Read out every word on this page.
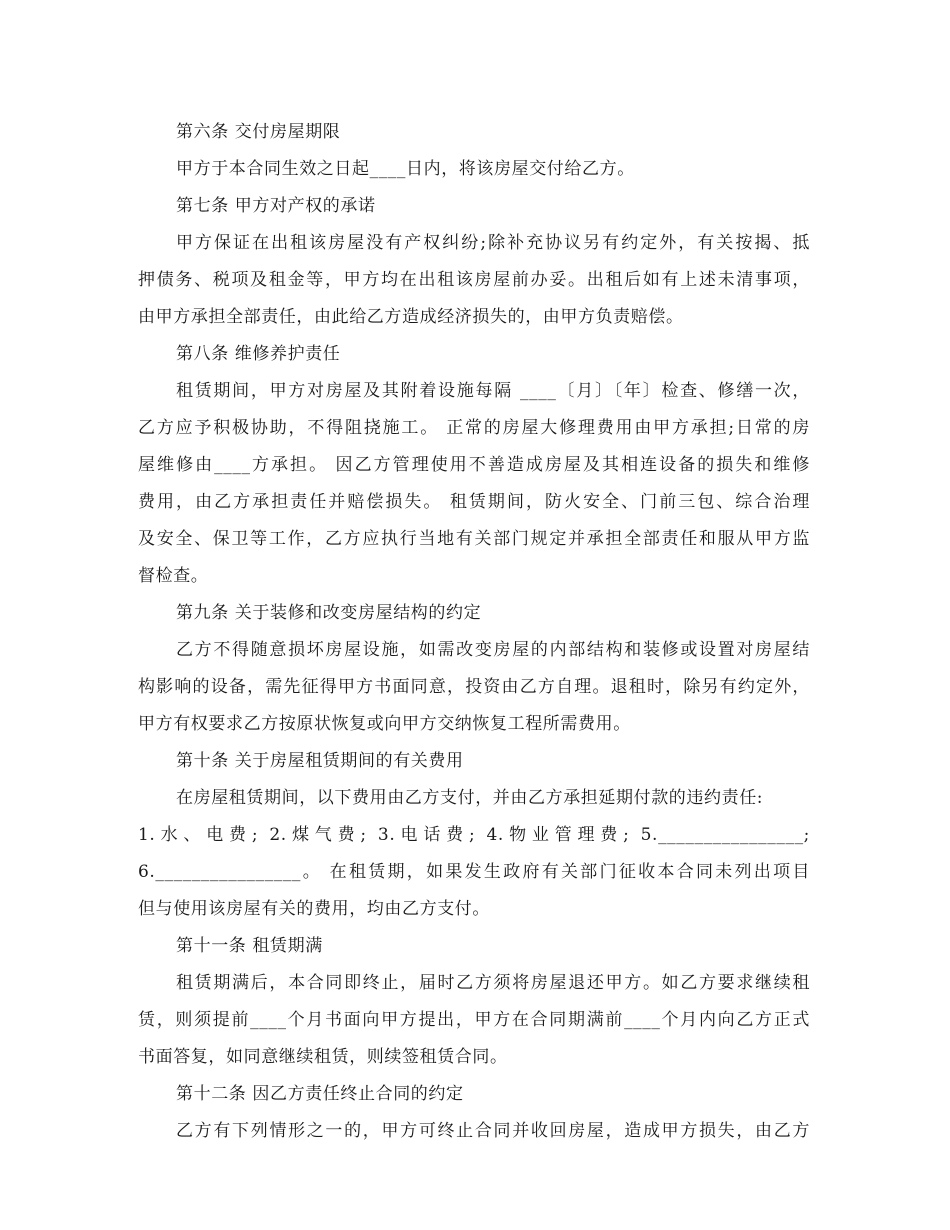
第六条 交付房屋期限
甲方于本合同生效之日起____日内，将该房屋交付给乙方。
第七条 甲方对产权的承诺
甲方保证在出租该房屋没有产权纠纷;除补充协议另有约定外，有关按揭、抵
押债务、税项及租金等，甲方均在出租该房屋前办妥。出租后如有上述未清事项，
由甲方承担全部责任，由此给乙方造成经济损失的，由甲方负责赔偿。
第八条 维修养护责任
租赁期间，甲方对房屋及其附着设施每隔 ____〔月〕〔年〕检查、修缮一次，
乙方应予积极协助，不得阻挠施工。 正常的房屋大修理费用由甲方承担;日常的房
屋维修由____方承担。 因乙方管理使用不善造成房屋及其相连设备的损失和维修
费用，由乙方承担责任并赔偿损失。 租赁期间，防火安全、门前三包、综合治理
及安全、保卫等工作，乙方应执行当地有关部门规定并承担全部责任和服从甲方监
督检查。
第九条 关于装修和改变房屋结构的约定
乙方不得随意损坏房屋设施，如需改变房屋的内部结构和装修或设置对房屋结
构影响的设备，需先征得甲方书面同意，投资由乙方自理。退租时，除另有约定外，
甲方有权要求乙方按原状恢复或向甲方交纳恢复工程所需费用。
第十条 关于房屋租赁期间的有关费用
在房屋租赁期间，以下费用由乙方支付，并由乙方承担延期付款的违约责任:
1.水、电费; 2.煤气费; 3.电话费; 4.物业管理费; 5.________________;
6.________________。 在租赁期，如果发生政府有关部门征收本合同未列出项目
但与使用该房屋有关的费用，均由乙方支付。
第十一条 租赁期满
租赁期满后，本合同即终止，届时乙方须将房屋退还甲方。如乙方要求继续租
赁，则须提前____个月书面向甲方提出，甲方在合同期满前____个月内向乙方正式
书面答复，如同意继续租赁，则续签租赁合同。
第十二条 因乙方责任终止合同的约定
乙方有下列情形之一的，甲方可终止合同并收回房屋，造成甲方损失，由乙方
